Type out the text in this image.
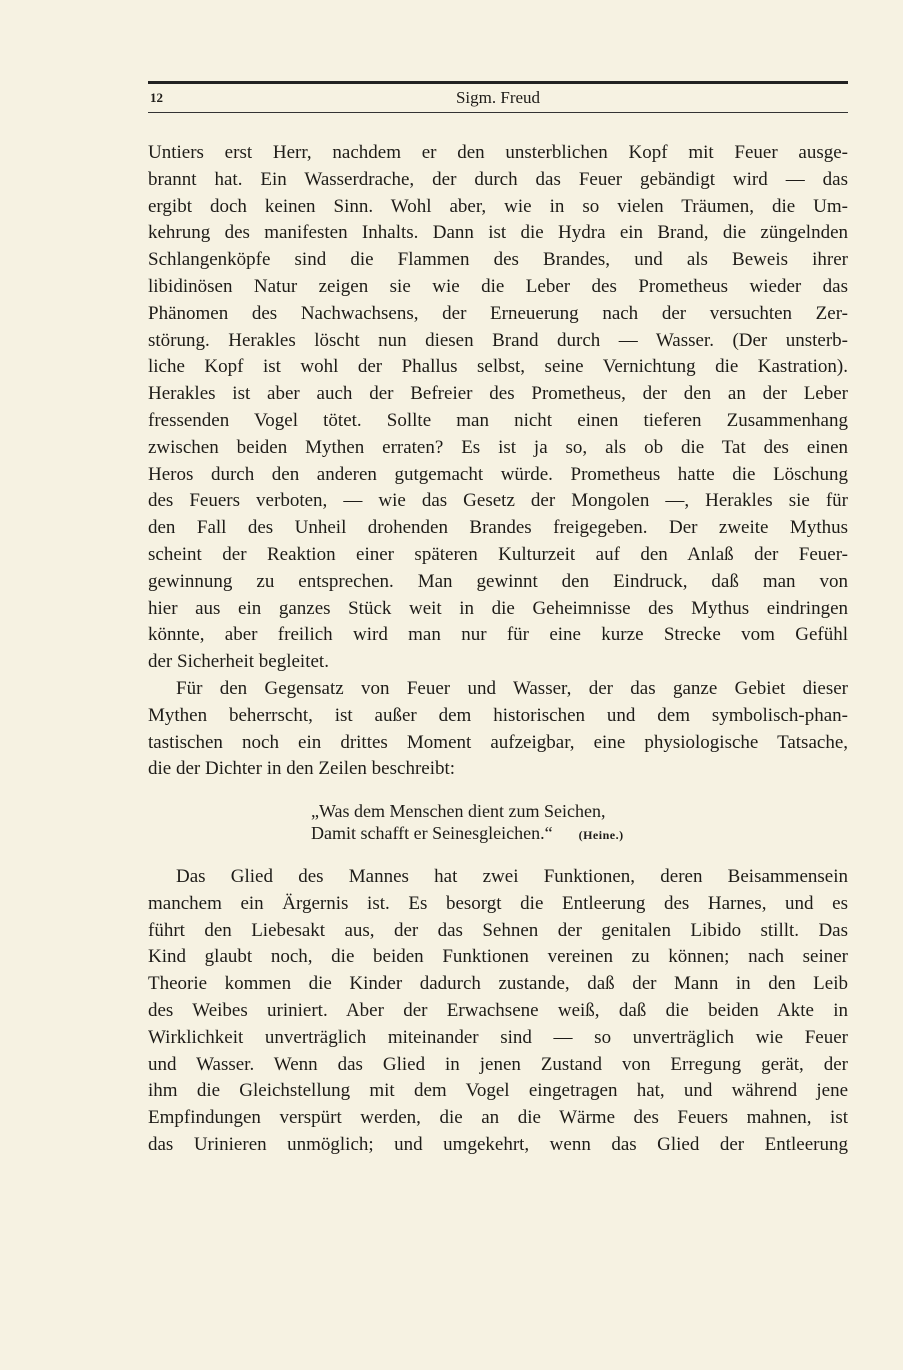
12	Sigm. Freud
Untiers erst Herr, nachdem er den unsterblichen Kopf mit Feuer ausge-
brannt hat. Ein Wasserdrache, der durch das Feuer gebändigt wird — das
ergibt doch keinen Sinn. Wohl aber, wie in so vielen Träumen, die Um-
kehrung des manifesten Inhalts. Dann ist die Hydra ein Brand, die züngelnden
Schlangenköpfe sind die Flammen des Brandes, und als Beweis ihrer
libidinösen Natur zeigen sie wie die Leber des Prometheus wieder das
Phänomen des Nachwachsens, der Erneuerung nach der versuchten Zer-
störung. Herakles löscht nun diesen Brand durch — Wasser. (Der unsterb-
liche Kopf ist wohl der Phallus selbst, seine Vernichtung die Kastration).
Herakles ist aber auch der Befreier des Prometheus, der den an der Leber
fressenden Vogel tötet. Sollte man nicht einen tieferen Zusammenhang
zwischen beiden Mythen erraten? Es ist ja so, als ob die Tat des einen
Heros durch den anderen gutgemacht würde. Prometheus hatte die Löschung
des Feuers verboten, — wie das Gesetz der Mongolen —, Herakles sie für
den Fall des Unheil drohenden Brandes freigegeben. Der zweite Mythus
scheint der Reaktion einer späteren Kulturzeit auf den Anlaß der Feuer-
gewinnung zu entsprechen. Man gewinnt den Eindruck, daß man von
hier aus ein ganzes Stück weit in die Geheimnisse des Mythus eindringen
könnte, aber freilich wird man nur für eine kurze Strecke vom Gefühl
der Sicherheit begleitet.
Für den Gegensatz von Feuer und Wasser, der das ganze Gebiet dieser
Mythen beherrscht, ist außer dem historischen und dem symbolisch-phan-
tastischen noch ein drittes Moment aufzeigbar, eine physiologische Tatsache,
die der Dichter in den Zeilen beschreibt:
„Was dem Menschen dient zum Seichen,
Damit schafft er Seinesgleichen.“ (Heine.)
Das Glied des Mannes hat zwei Funktionen, deren Beisammensein
manchem ein Ärgernis ist. Es besorgt die Entleerung des Harnes, und es
führt den Liebesakt aus, der das Sehnen der genitalen Libido stillt. Das
Kind glaubt noch, die beiden Funktionen vereinen zu können; nach seiner
Theorie kommen die Kinder dadurch zustande, daß der Mann in den Leib
des Weibes uriniert. Aber der Erwachsene weiß, daß die beiden Akte in
Wirklichkeit unverträglich miteinander sind — so unverträglich wie Feuer
und Wasser. Wenn das Glied in jenen Zustand von Erregung gerät, der
ihm die Gleichstellung mit dem Vogel eingetragen hat, und während jene
Empfindungen verspürt werden, die an die Wärme des Feuers mahnen, ist
das Urinieren unmöglich; und umgekehrt, wenn das Glied der Entleerung
